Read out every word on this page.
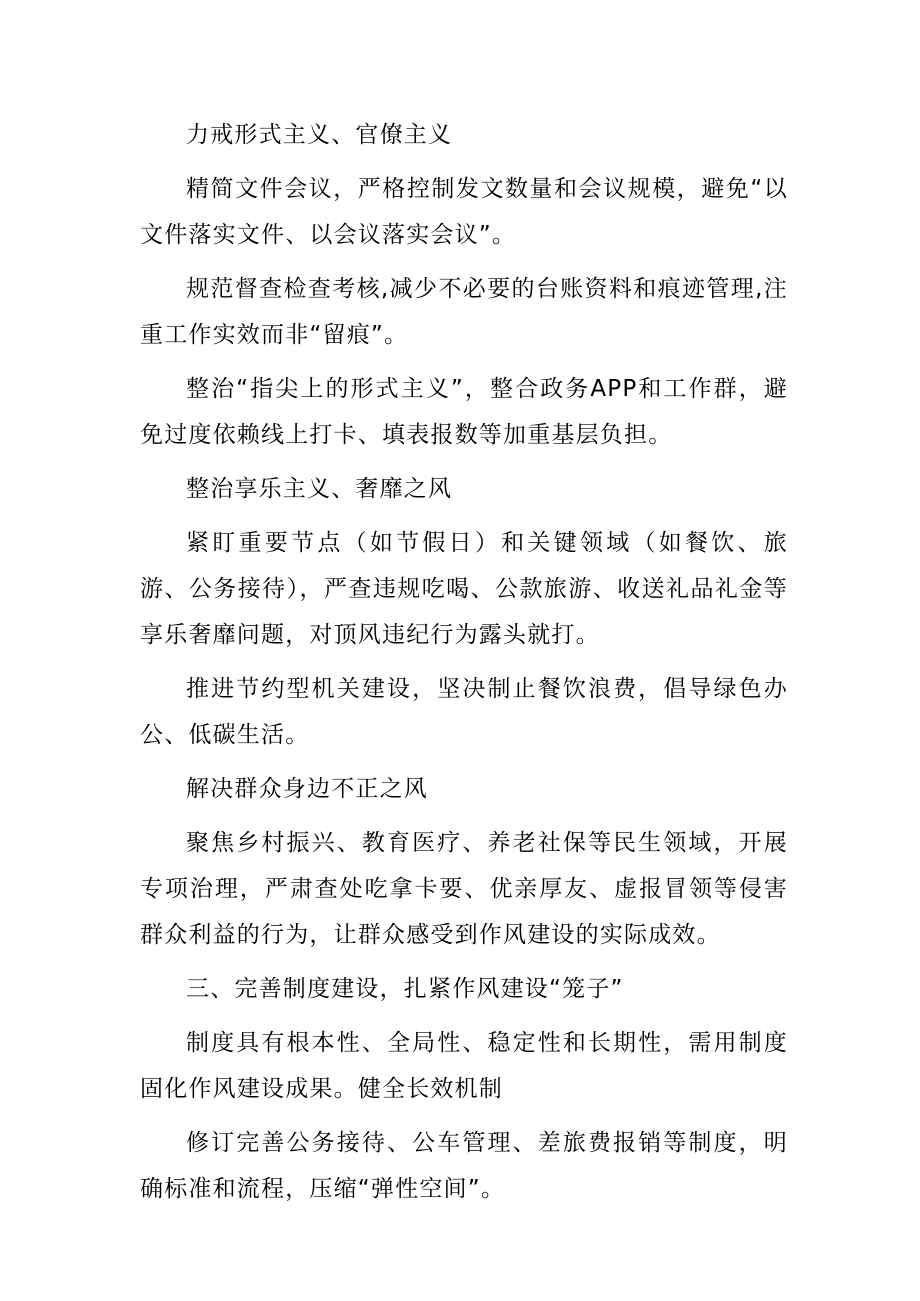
力戒形式主义、官僚主义

精简文件会议，严格控制发文数量和会议规模，避免“以文件落实文件、以会议落实会议”。

规范督查检查考核,减少不必要的台账资料和痕迹管理,注重工作实效而非“留痕”。

整治“指尖上的形式主义”，整合政务APP和工作群，避免过度依赖线上打卡、填表报数等加重基层负担。

整治享乐主义、奢靡之风

紧盯重要节点（如节假日）和关键领域（如餐饮、旅游、公务接待），严查违规吃喝、公款旅游、收送礼品礼金等享乐奢靡问题，对顶风违纪行为露头就打。

推进节约型机关建设，坚决制止餐饮浪费，倡导绿色办公、低碳生活。

解决群众身边不正之风

聚焦乡村振兴、教育医疗、养老社保等民生领域，开展专项治理，严肃查处吃拿卡要、优亲厚友、虚报冒领等侵害群众利益的行为，让群众感受到作风建设的实际成效。

三、完善制度建设，扎紧作风建设“笼子”

制度具有根本性、全局性、稳定性和长期性，需用制度固化作风建设成果。健全长效机制

修订完善公务接待、公车管理、差旅费报销等制度，明确标准和流程，压缩“弹性空间”。
